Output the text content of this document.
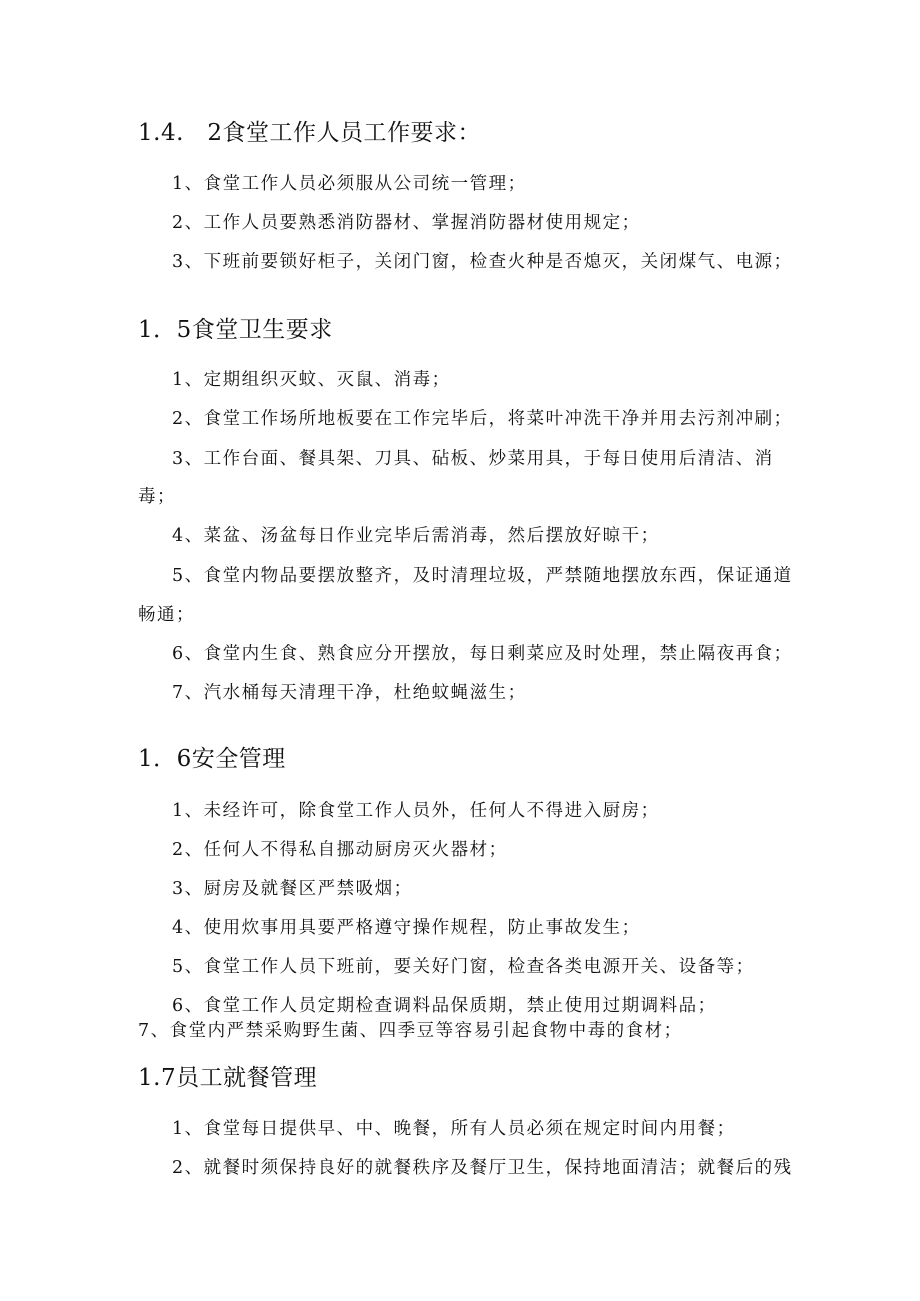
1.4.　2食堂工作人员工作要求：
1、食堂工作人员必须服从公司统一管理；
2、工作人员要熟悉消防器材、掌握消防器材使用规定；
3、下班前要锁好柜子，关闭门窗，检查火种是否熄灭，关闭煤气、电源；
1．5食堂卫生要求
1、定期组织灭蚊、灭鼠、消毒；
2、食堂工作场所地板要在工作完毕后，将菜叶冲洗干净并用去污剂冲刷；
3、工作台面、餐具架、刀具、砧板、炒菜用具，于每日使用后清洁、消
毒；
4、菜盆、汤盆每日作业完毕后需消毒，然后摆放好晾干；
5、食堂内物品要摆放整齐，及时清理垃圾，严禁随地摆放东西，保证通道
畅通；
6、食堂内生食、熟食应分开摆放，每日剩菜应及时处理，禁止隔夜再食；
7、汽水桶每天清理干净，杜绝蚊蝇滋生；
1．6安全管理
1、未经许可，除食堂工作人员外，任何人不得进入厨房；
2、任何人不得私自挪动厨房灭火器材；
3、厨房及就餐区严禁吸烟；
4、使用炊事用具要严格遵守操作规程，防止事故发生；
5、食堂工作人员下班前，要关好门窗，检查各类电源开关、设备等；
6、食堂工作人员定期检查调料品保质期，禁止使用过期调料品；
7、食堂内严禁采购野生菌、四季豆等容易引起食物中毒的食材；
1.7员工就餐管理
1、食堂每日提供早、中、晚餐，所有人员必须在规定时间内用餐；
2、就餐时须保持良好的就餐秩序及餐厅卫生，保持地面清洁；就餐后的残
